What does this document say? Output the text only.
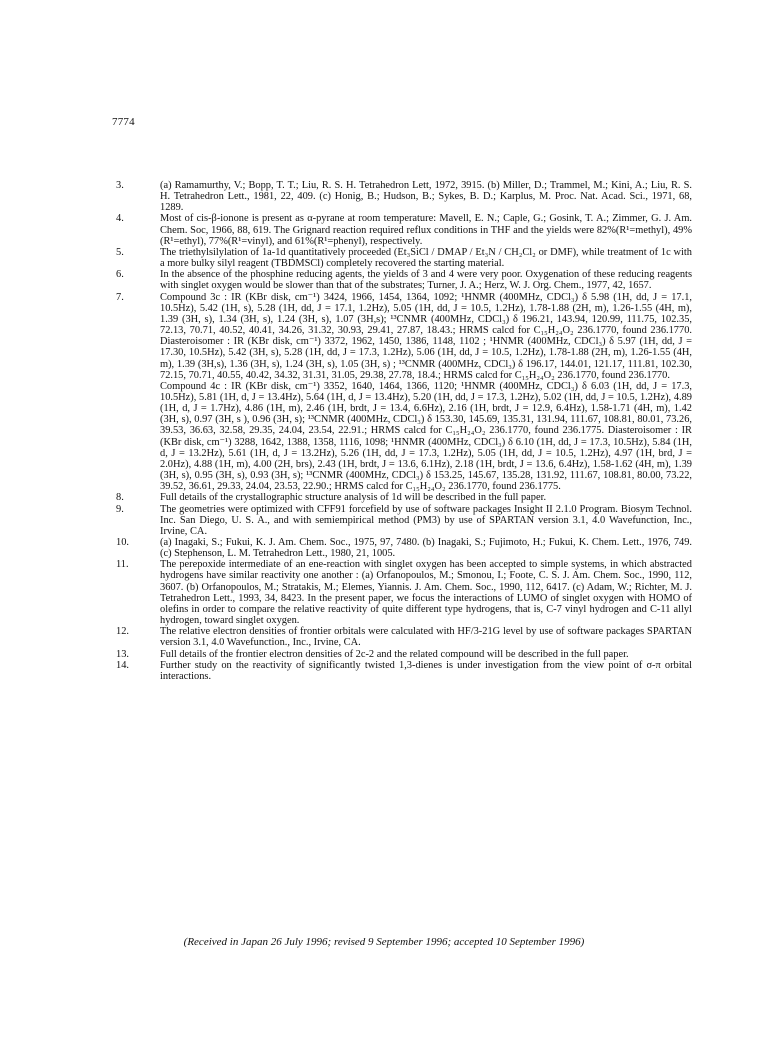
7774
3.	(a) Ramamurthy, V.; Bopp, T. T.; Liu, R. S. H. Tetrahedron Lett, 1972, 3915. (b) Miller, D.; Trammel, M.; Kini, A.; Liu, R. S. H. Tetrahedron Lett., 1981, 22, 409. (c) Honig, B.; Hudson, B.; Sykes, B. D.; Karplus, M. Proc. Nat. Acad. Sci., 1971, 68, 1289.
4.	Most of cis-β-ionone is present as α-pyrane at room temperature: Mavell, E. N.; Caple, G.; Gosink, T. A.; Zimmer, G. J. Am. Chem. Soc, 1966, 88, 619. The Grignard reaction required reflux conditions in THF and the yields were 82%(R¹=methyl), 49%(R¹=ethyl), 77%(R¹=vinyl), and 61%(R¹=phenyl), respectively.
5.	The triethylsilylation of 1a-1d quantitatively proceeded (Et₃SiCl / DMAP / Et₃N / CH₂Cl₂ or DMF), while treatment of 1c with a more bulky silyl reagent (TBDMSCl) completely recovered the starting material.
6.	In the absence of the phosphine reducing agents, the yields of 3 and 4 were very poor. Oxygenation of these reducing reagents with singlet oxygen would be slower than that of the substrates; Turner, J. A.; Herz, W. J. Org. Chem., 1977, 42, 1657.
7.	Compound 3c : IR (KBr disk, cm⁻¹) 3424, 1966, 1454, 1364, 1092; ¹HNMR (400MHz, CDCl₃) δ 5.98 (1H, dd, J = 17.1, 10.5Hz), 5.42 (1H, s), 5.28 (1H, dd, J = 17.1, 1.2Hz), 5.05 (1H, dd, J = 10.5, 1.2Hz), 1.78-1.88 (2H, m), 1.26-1.55 (4H, m), 1.39 (3H, s), 1.34 (3H, s), 1.24 (3H, s), 1.07 (3H,s); ¹³CNMR (400MHz, CDCl₃) δ 196.21, 143.94, 120.99, 111.75, 102.35, 72.13, 70.71, 40.52, 40.41, 34.26, 31.32, 30.93, 29.41, 27.87, 18.43.; HRMS calcd for C₁₅H₂₄O₂ 236.1770, found 236.1770. Diasteroisomer : IR (KBr disk, cm⁻¹) 3372, 1962, 1450, 1386, 1148, 1102 ; ¹HNMR (400MHz, CDCl₃) δ 5.97 (1H, dd, J = 17.30, 10.5Hz), 5.42 (3H, s), 5.28 (1H, dd, J = 17.3, 1.2Hz), 5.06 (1H, dd, J = 10.5, 1.2Hz), 1.78-1.88 (2H, m), 1.26-1.55 (4H, m), 1.39 (3H,s), 1.36 (3H, s), 1.24 (3H, s), 1.05 (3H, s) ; ¹³CNMR (400MHz, CDCl₃) δ 196.17, 144.01, 121.17, 111.81, 102.30, 72.15, 70.71, 40.55, 40.42, 34.32, 31.31, 31.05, 29.38, 27.78, 18.4.; HRMS calcd for C₁₅H₂₄O₂ 236.1770, found 236.1770.
Compound 4c : IR (KBr disk, cm⁻¹) 3352, 1640, 1464, 1366, 1120; ¹HNMR (400MHz, CDCl₃) δ 6.03 (1H, dd, J = 17.3, 10.5Hz), 5.81 (1H, d, J = 13.4Hz), 5.64 (1H, d, J = 13.4Hz), 5.20 (1H, dd, J = 17.3, 1.2Hz), 5.02 (1H, dd, J = 10.5, 1.2Hz), 4.89 (1H, d, J = 1.7Hz), 4.86 (1H, m), 2.46 (1H, brdt, J = 13.4, 6.6Hz), 2.16 (1H, brdt, J = 12.9, 6.4Hz), 1.58-1.71 (4H, m), 1.42 (3H, s), 0.97 (3H, s ), 0.96 (3H, s); ¹³CNMR (400MHz, CDCl₃) δ 153.30, 145.69, 135.31, 131.94, 111.67, 108.81, 80.01, 73.26, 39.53, 36.63, 32.58, 29.35, 24.04, 23.54, 22.91.; HRMS calcd for C₁₅H₂₄O₂ 236.1770, found 236.1775. Diasteroisomer : IR (KBr disk, cm⁻¹) 3288, 1642, 1388, 1358, 1116, 1098; ¹HNMR (400MHz, CDCl₃) δ 6.10 (1H, dd, J = 17.3, 10.5Hz), 5.84 (1H, d, J = 13.2Hz), 5.61 (1H, d, J = 13.2Hz), 5.26 (1H, dd, J = 17.3, 1.2Hz), 5.05 (1H, dd, J = 10.5, 1.2Hz), 4.97 (1H, brd, J = 2.0Hz), 4.88 (1H, m), 4.00 (2H, brs), 2.43 (1H, brdt, J = 13.6, 6.1Hz), 2.18 (1H, brdt, J = 13.6, 6.4Hz), 1.58-1.62 (4H, m), 1.39 (3H, s), 0.95 (3H, s), 0.93 (3H, s); ¹³CNMR (400MHz, CDCl₃) δ 153.25, 145.67, 135.28, 131.92, 111.67, 108.81, 80.00, 73.22, 39.52, 36.61, 29.33, 24.04, 23.53, 22.90.; HRMS calcd for C₁₅H₂₄O₂ 236.1770, found 236.1775.
8.	Full details of the crystallographic structure analysis of 1d will be described in the full paper.
9.	The geometries were optimized with CFF91 forcefield by use of software packages Insight II 2.1.0 Program. Biosym Technol. Inc. San Diego, U. S. A., and with semiempirical method (PM3) by use of SPARTAN version 3.1, 4.0 Wavefunction, Inc., Irvine, CA.
10.	(a) Inagaki, S.; Fukui, K. J. Am. Chem. Soc., 1975, 97, 7480. (b) Inagaki, S.; Fujimoto, H.; Fukui, K. Chem. Lett., 1976, 749. (c) Stephenson, L. M. Tetrahedron Lett., 1980, 21, 1005.
11.	The perepoxide intermediate of an ene-reaction with singlet oxygen has been accepted to simple systems, in which abstracted hydrogens have similar reactivity one another : (a) Orfanopoulos, M.; Smonou, I.; Foote, C. S. J. Am. Chem. Soc., 1990, 112, 3607. (b) Orfanopoulos, M.; Stratakis, M.; Elemes, Yiannis. J. Am. Chem. Soc., 1990, 112, 6417. (c) Adam, W.; Richter, M. J. Tetrahedron Lett., 1993, 34, 8423. In the present paper, we focus the interactions of LUMO of singlet oxygen with HOMO of olefins in order to compare the relative reactivity of quite different type hydrogens, that is, C-7 vinyl hydrogen and C-11 allyl hydrogen, toward singlet oxygen.
12.	The relative electron densities of frontier orbitals were calculated with HF/3-21G level by use of software packages SPARTAN version 3.1, 4.0 Wavefunction., Inc., Irvine, CA.
13.	Full details of the frontier electron densities of 2c-2 and the related compound will be described in the full paper.
14.	Further study on the reactivity of significantly twisted 1,3-dienes is under investigation from the view point of σ-π orbital interactions.
(Received in Japan 26 July 1996; revised 9 September 1996; accepted 10 September 1996)
